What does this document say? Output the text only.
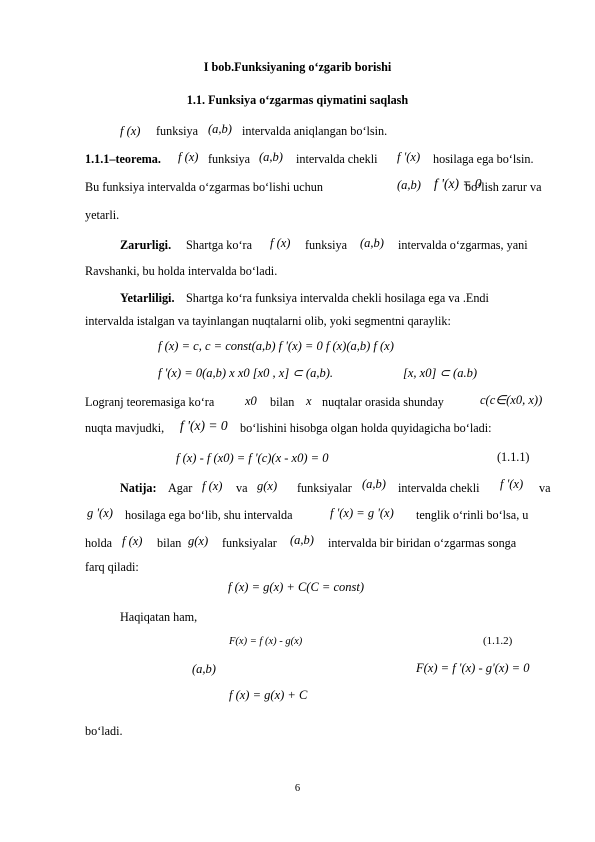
I bob.Funksiyaning o‘zgarib borishi
1.1. Funksiya o‘zgarmas qiymatini saqlash
f (x) funksiya (a,b) intervalda aniqlangan bo‘lsin.
1.1.1–teorema. f (x) funksiya (a,b) intervalda chekli f '(x) hosilaga ega bo‘lsin.
Bu funksiya intervalda o‘zgarmas bo‘lishi uchun	(a,b) f '(x) = 0
bo‘lish zarur va
yetarli.
Zarurligi. Shartga ko‘ra f (x) funksiya (a,b) intervalda o‘zgarmas, yani
Ravshanki, bu holda intervalda bo‘ladi.
Yetarliligi. Shartga ko‘ra funksiya intervalda chekli hosilaga ega va .Endi
intervalda istalgan va tayinlangan nuqtalarni olib, yoki segmentni qaraylik:
f (x) = c, c = const(a,b) f '(x) = 0 f (x)(a,b) f (x)
f '(x) = 0(a,b) x x0 [x0 , x] ⊂ (a,b).	[x, x0] ⊂ (a.b)
Logranj teoremasiga ko‘ra x0 bilan x nuqtalar orasida shunday	c(c∈(x0, x))
nuqta mavjudki, f '(x) = 0 bo‘lishini hisobga olgan holda quyidagicha bo‘ladi:
f (x) - f (x0) = f '(c)(x - x0) = 0	(1.1.1)
Natija: Agar f (x) va g(x) funksiyalar (a,b) intervalda chekli f '(x) va
g '(x) hosilaga ega bo‘lib, shu intervalda	f '(x) = g '(x) tenglik o‘rinli bo‘lsa, u
holda f (x) bilan g(x) funksiyalar (a,b) intervalda bir biridan o‘zgarmas songa
farq qiladi:
f (x) = g(x) + C(C = const)
Haqiqatan ham,
F(x) = f (x) - g(x)	(1.1.2)
(a,b)	F(x) = f '(x) - g'(x) = 0
f (x) = g(x) + C
bo‘ladi.
6
